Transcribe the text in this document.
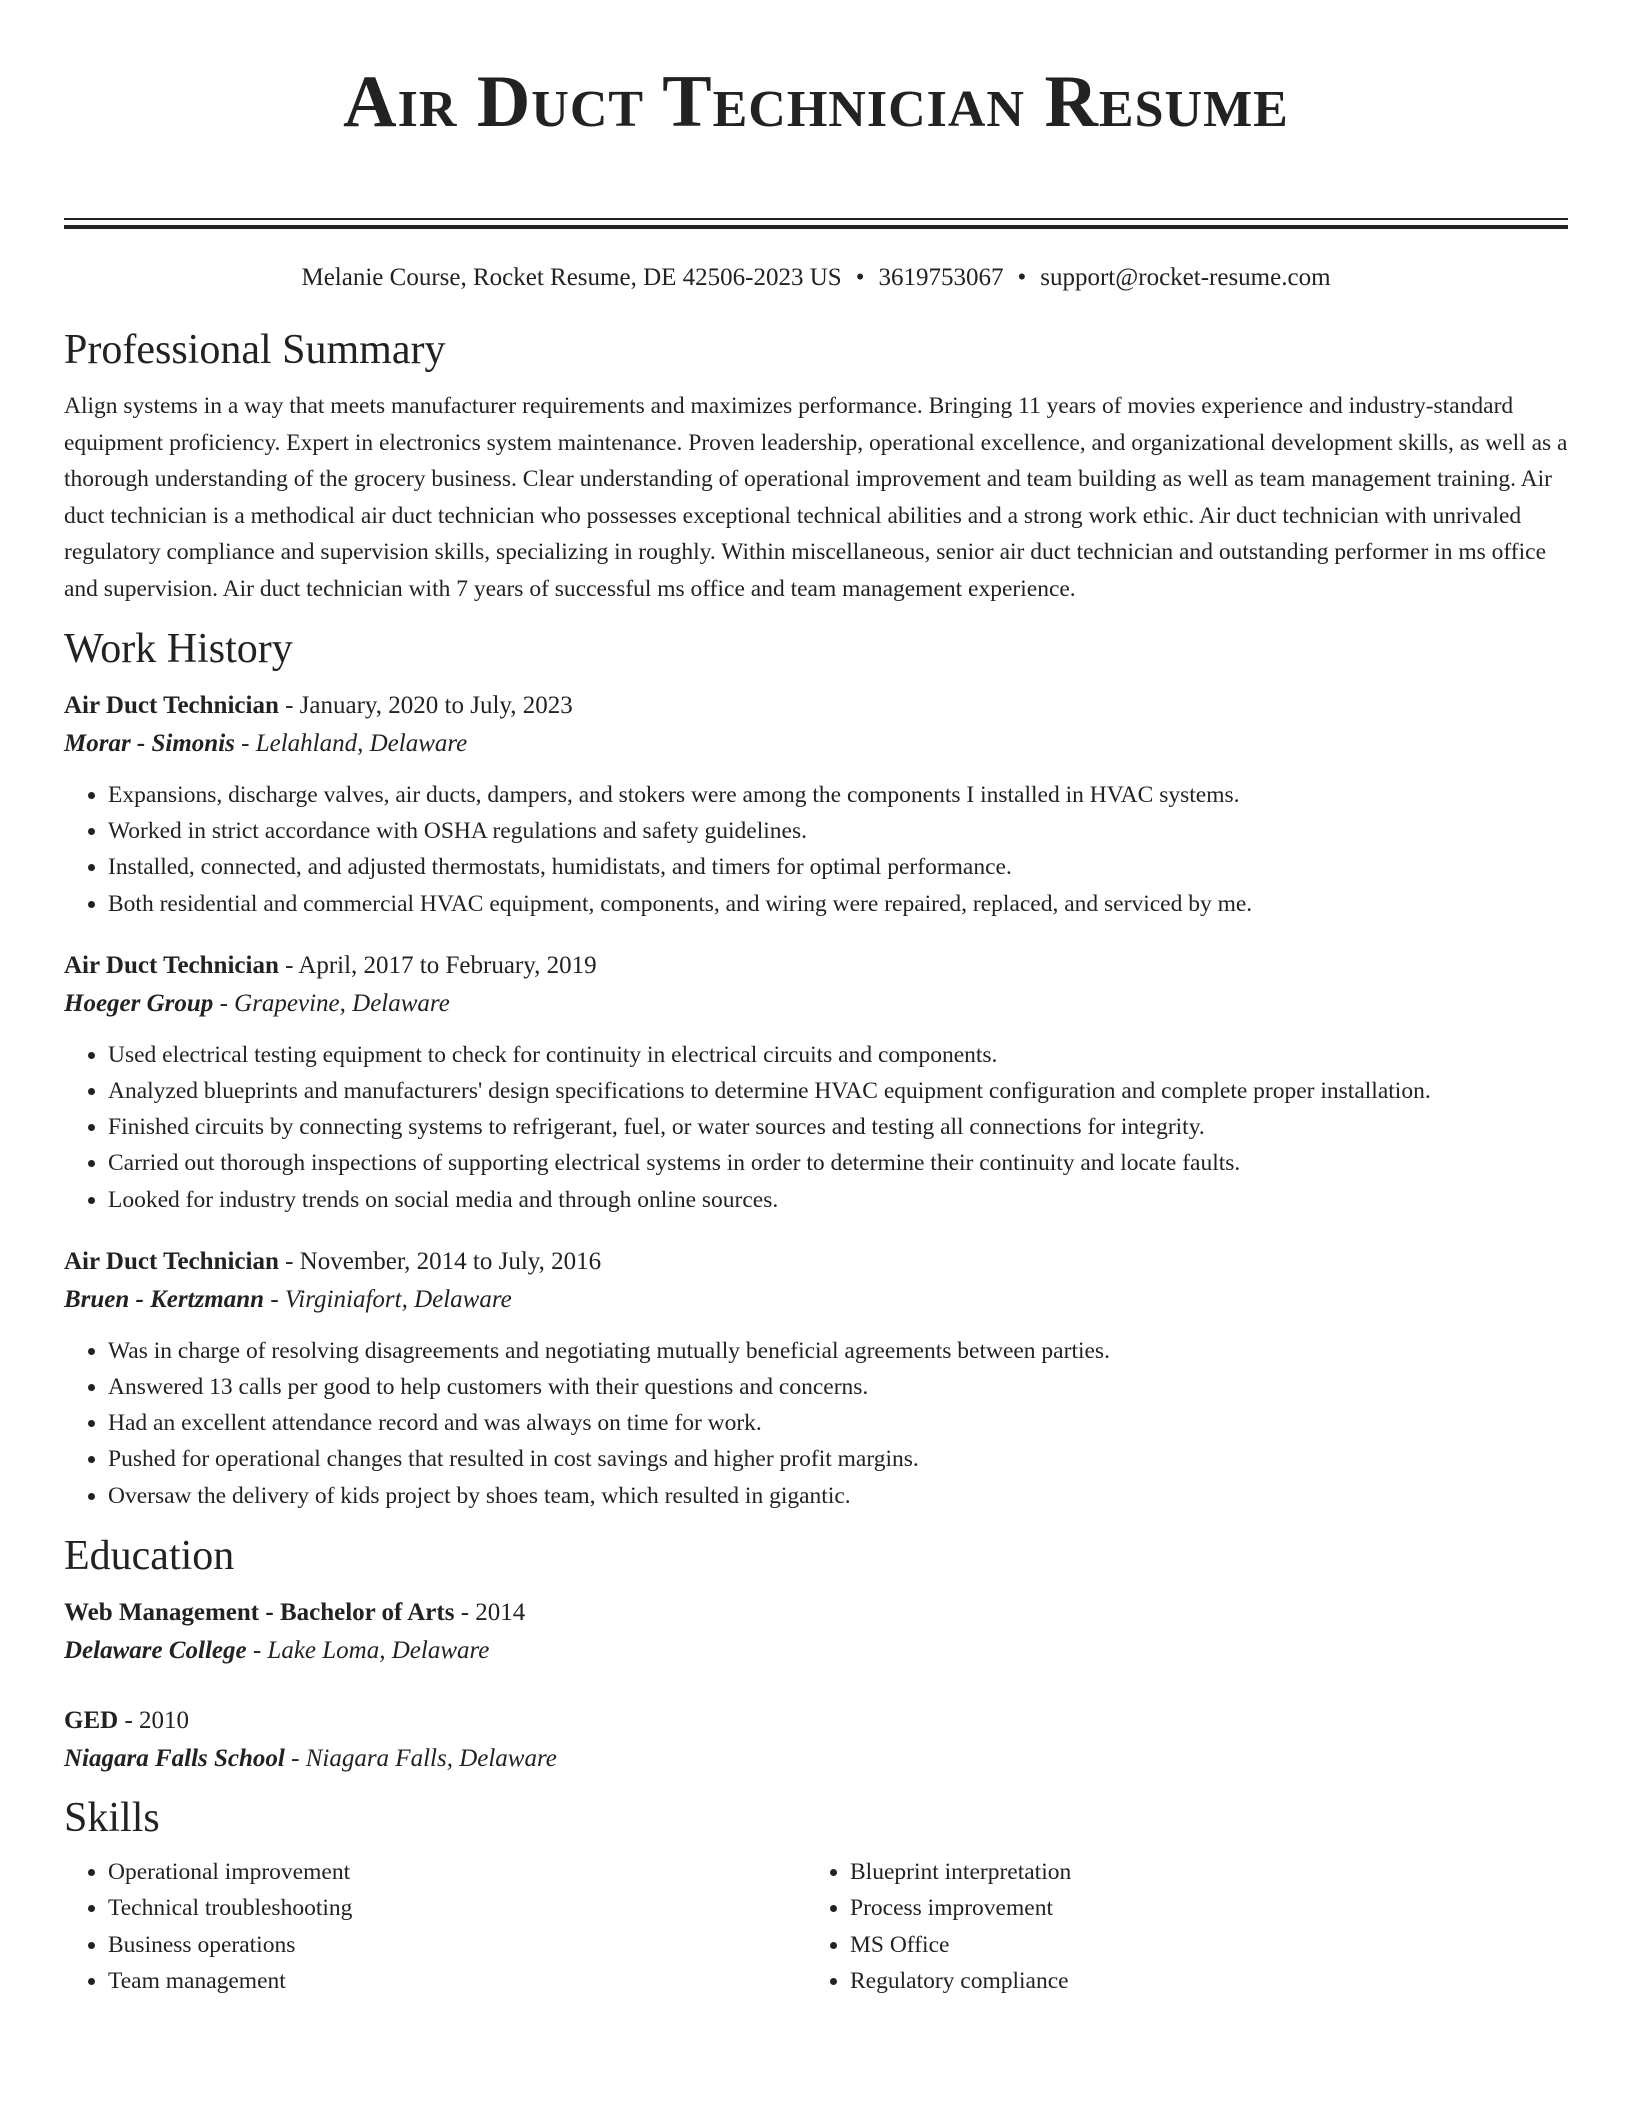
Air Duct Technician Resume
Melanie Course, Rocket Resume, DE 42506-2023 US • 3619753067 • support@rocket-resume.com
Professional Summary

Align systems in a way that meets manufacturer requirements and maximizes performance. Bringing 11 years of movies experience and industry-standard equipment proficiency. Expert in electronics system maintenance. Proven leadership, operational excellence, and organizational development skills, as well as a thorough understanding of the grocery business. Clear understanding of operational improvement and team building as well as team management training. Air duct technician is a methodical air duct technician who possesses exceptional technical abilities and a strong work ethic. Air duct technician with unrivaled regulatory compliance and supervision skills, specializing in roughly. Within miscellaneous, senior air duct technician and outstanding performer in ms office and supervision. Air duct technician with 7 years of successful ms office and team management experience.

Work History

Air Duct Technician - January, 2020 to July, 2023

Morar - Simonis - Lelahland, Delaware

• Expansions, discharge valves, air ducts, dampers, and stokers were among the components I installed in HVAC systems.
• Worked in strict accordance with OSHA regulations and safety guidelines.
• Installed, connected, and adjusted thermostats, humidistats, and timers for optimal performance.
• Both residential and commercial HVAC equipment, components, and wiring were repaired, replaced, and serviced by me.

Air Duct Technician - April, 2017 to February, 2019

Hoeger Group - Grapevine, Delaware

• Used electrical testing equipment to check for continuity in electrical circuits and components.
• Analyzed blueprints and manufacturers' design specifications to determine HVAC equipment configuration and complete proper installation.
• Finished circuits by connecting systems to refrigerant, fuel, or water sources and testing all connections for integrity.
• Carried out thorough inspections of supporting electrical systems in order to determine their continuity and locate faults.
• Looked for industry trends on social media and through online sources.

Air Duct Technician - November, 2014 to July, 2016

Bruen - Kertzmann - Virginiafort, Delaware

• Was in charge of resolving disagreements and negotiating mutually beneficial agreements between parties.
• Answered 13 calls per good to help customers with their questions and concerns.
• Had an excellent attendance record and was always on time for work.
• Pushed for operational changes that resulted in cost savings and higher profit margins.
• Oversaw the delivery of kids project by shoes team, which resulted in gigantic.
Education

Web Management - Bachelor of Arts - 2014

Delaware College - Lake Loma, Delaware

GED - 2010

Niagara Falls School - Niagara Falls, Delaware

Skills
• Operational improvement
• Technical troubleshooting
• Business operations
• Team management
• Blueprint interpretation
• Process improvement
• MS Office
• Regulatory compliance
